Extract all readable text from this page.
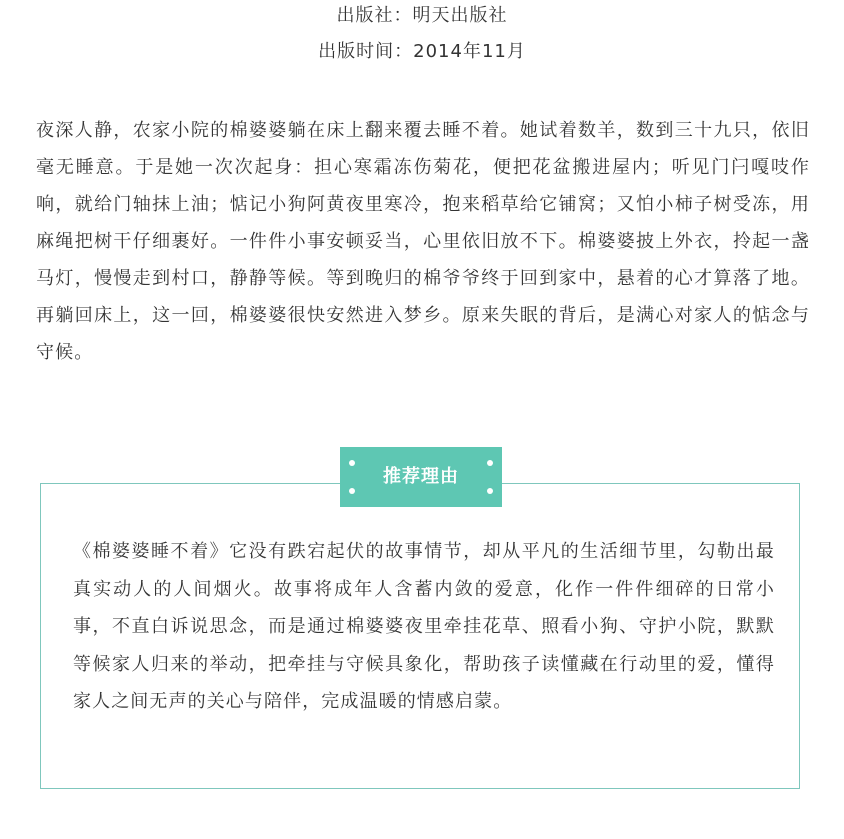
出版社：明天出版社
出版时间：2014年11月

夜深人静，农家小院的棉婆婆躺在床上翻来覆去睡不着。她试着数羊，数到三十九只，依旧毫无睡意。于是她一次次起身：担心寒霜冻伤菊花，便把花盆搬进屋内；听见门闩嘎吱作响，就给门轴抹上油；惦记小狗阿黄夜里寒冷，抱来稻草给它铺窝；又怕小柿子树受冻，用麻绳把树干仔细裹好。一件件小事安顿妥当，心里依旧放不下。棉婆婆披上外衣，拎起一盏马灯，慢慢走到村口，静静等候。等到晚归的棉爷爷终于回到家中，悬着的心才算落了地。再躺回床上，这一回，棉婆婆很快安然进入梦乡。原来失眠的背后，是满心对家人的惦念与守候。

推荐理由

《棉婆婆睡不着》它没有跌宕起伏的故事情节，却从平凡的生活细节里，勾勒出最真实动人的人间烟火。故事将成年人含蓄内敛的爱意，化作一件件细碎的日常小事，不直白诉说思念，而是通过棉婆婆夜里牵挂花草、照看小狗、守护小院，默默等候家人归来的举动，把牵挂与守候具象化，帮助孩子读懂藏在行动里的爱，懂得家人之间无声的关心与陪伴，完成温暖的情感启蒙。
